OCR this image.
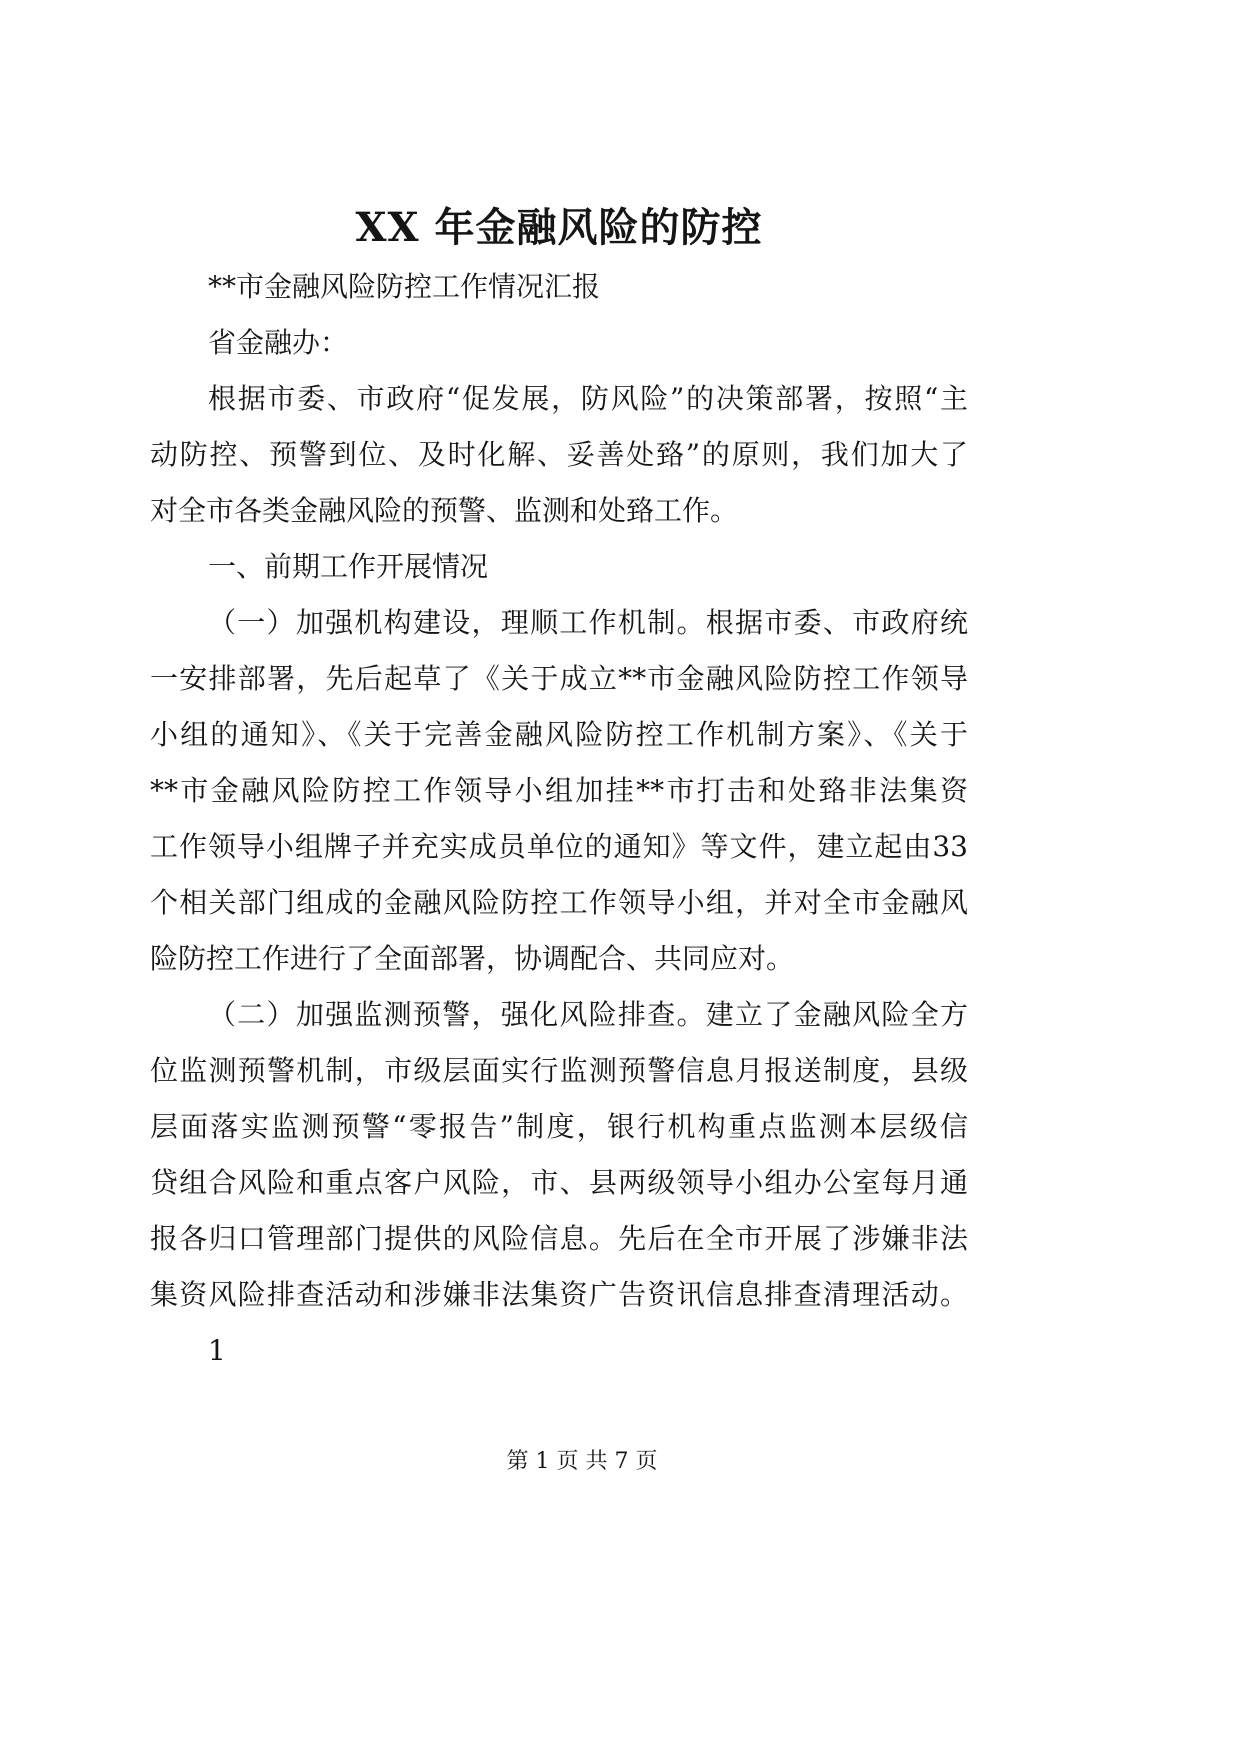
XX 年金融风险的防控
**市金融风险防控工作情况汇报
省金融办：
根据市委、市政府“促发展，防风险”的决策部署，按照“主
动防控、预警到位、及时化解、妥善处臵”的原则，我们加大了
对全市各类金融风险的预警、监测和处臵工作。
一、前期工作开展情况
（一）加强机构建设，理顺工作机制。根据市委、市政府统
一安排部署，先后起草了《关于成立**市金融风险防控工作领导
小组的通知》、《关于完善金融风险防控工作机制方案》、《关于
**市金融风险防控工作领导小组加挂**市打击和处臵非法集资
工作领导小组牌子并充实成员单位的通知》等文件，建立起由33
个相关部门组成的金融风险防控工作领导小组，并对全市金融风
险防控工作进行了全面部署，协调配合、共同应对。
（二）加强监测预警，强化风险排查。建立了金融风险全方
位监测预警机制，市级层面实行监测预警信息月报送制度，县级
层面落实监测预警“零报告”制度，银行机构重点监测本层级信
贷组合风险和重点客户风险，市、县两级领导小组办公室每月通
报各归口管理部门提供的风险信息。先后在全市开展了涉嫌非法
集资风险排查活动和涉嫌非法集资广告资讯信息排查清理活动。
1
第 1 页 共 7 页
